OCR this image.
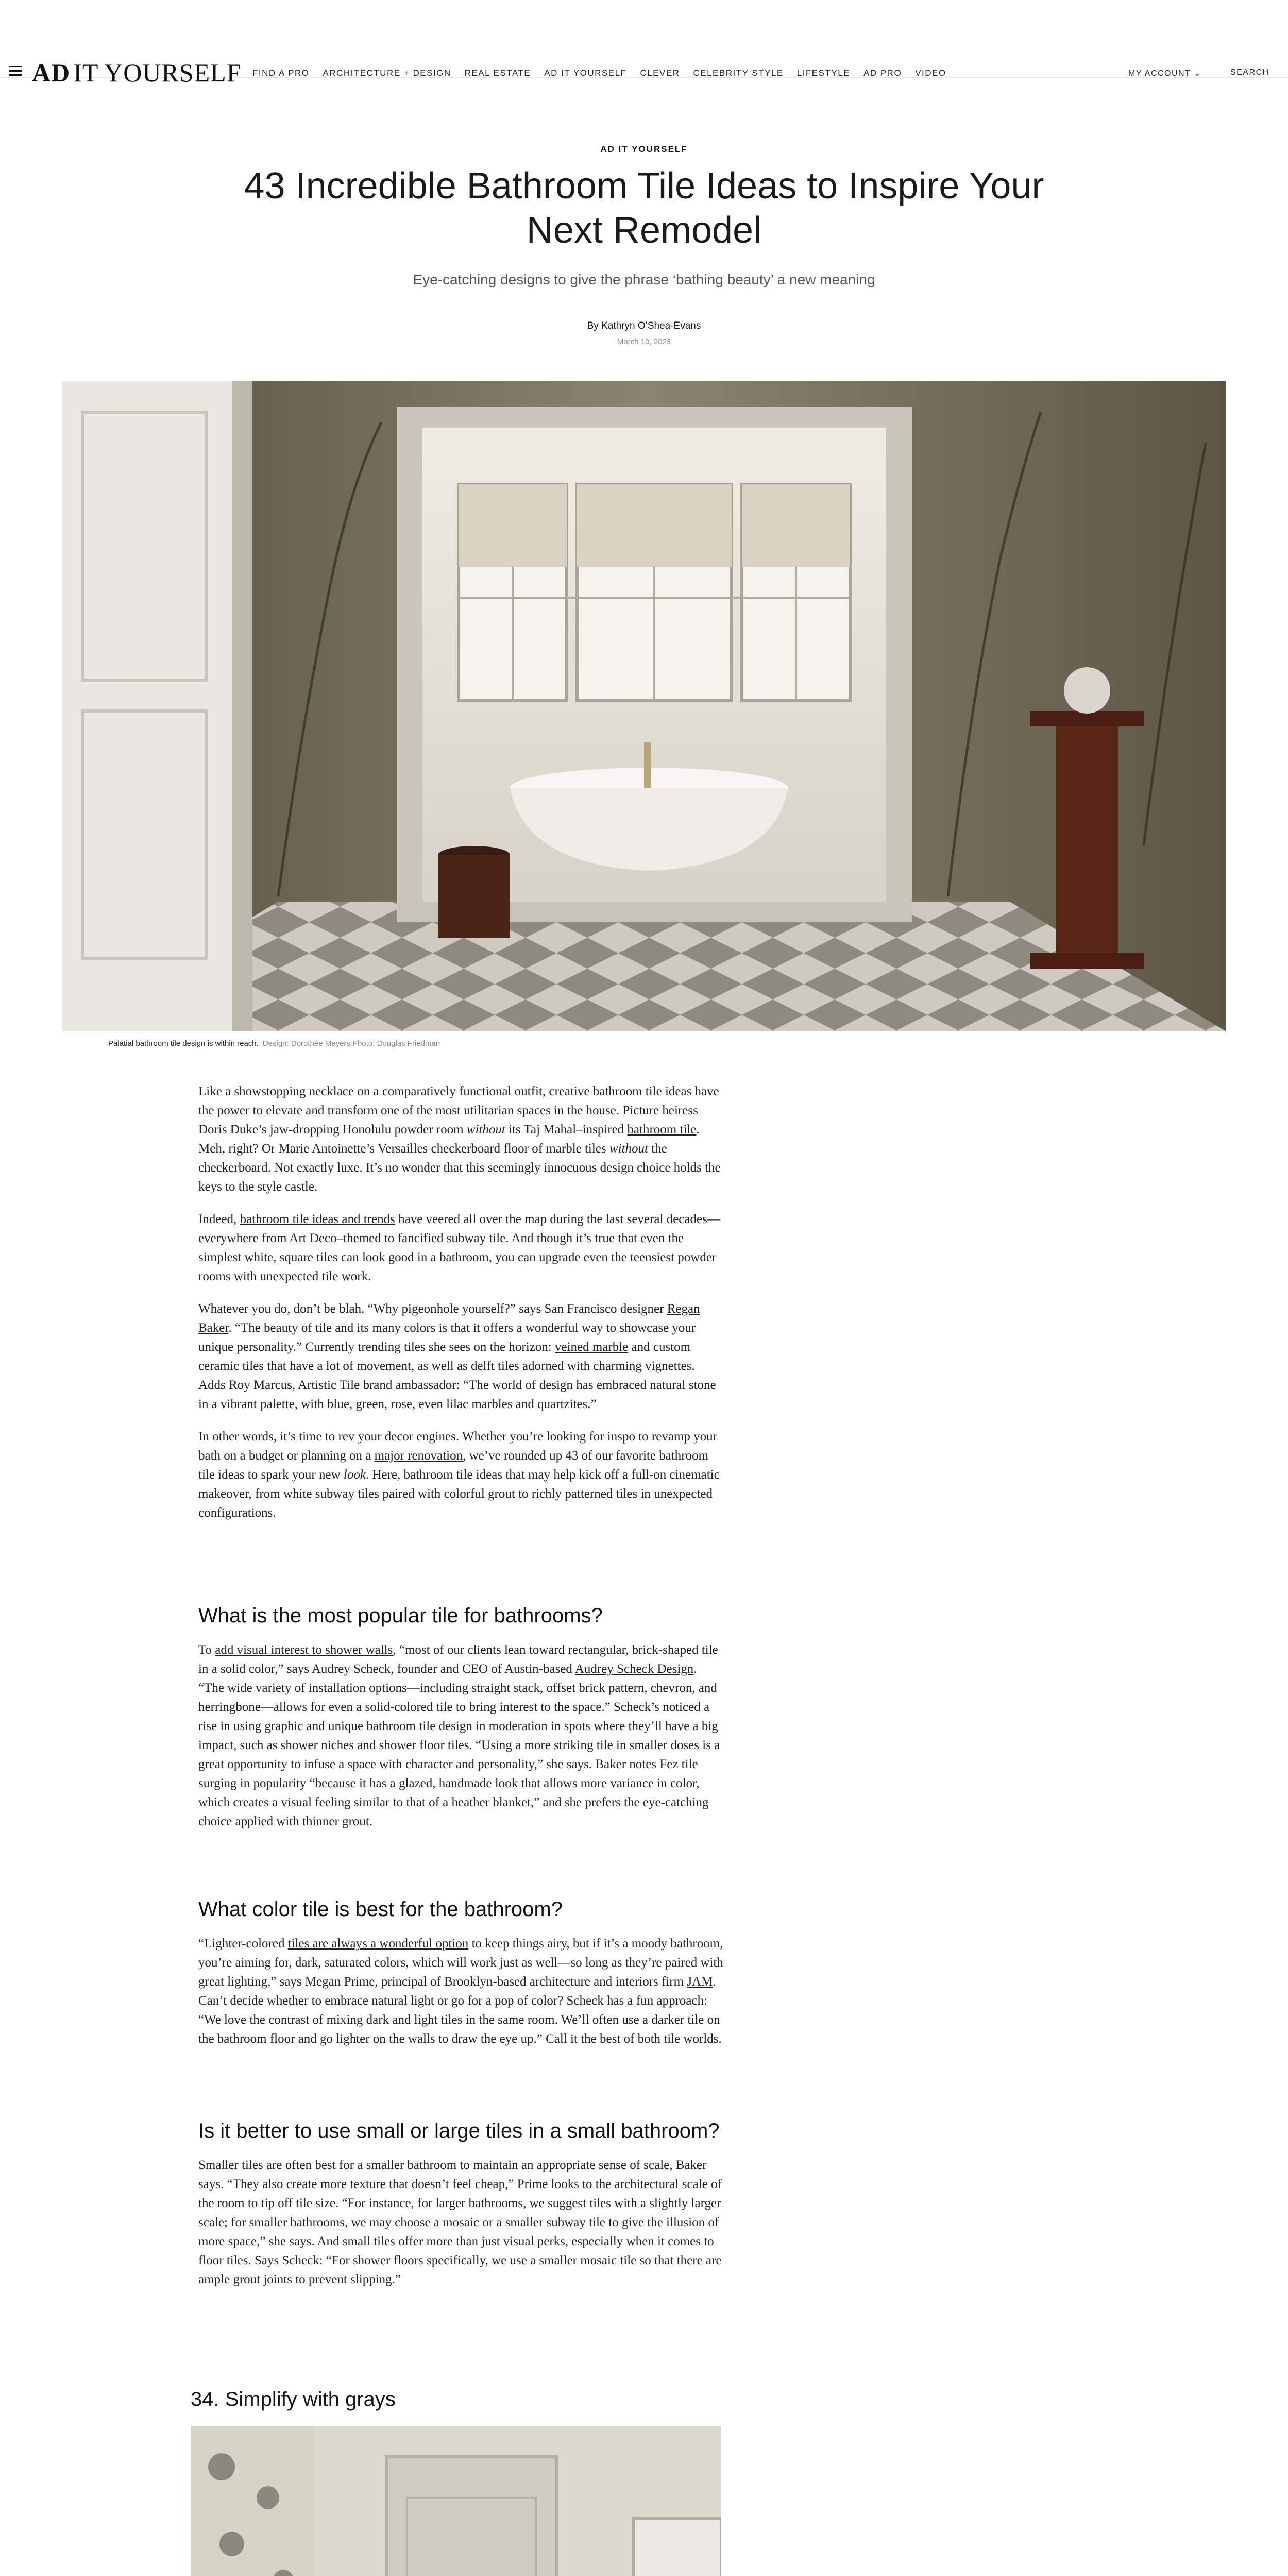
AD IT YOURSELF FIND A PRO ARCHITECTURE + DESIGN REAL ESTATE AD IT YOURSELF CLEVER CELEBRITY STYLE LIFESTYLE AD PRO VIDEO	MY ACCOUNT ⌄	SEARCH
AD IT YOURSELF
43 Incredible Bathroom Tile Ideas to Inspire Your Next Remodel
Eye-catching designs to give the phrase ‘bathing beauty’ a new meaning
By Kathryn O’Shea-Evans
March 10, 2023
Palatial bathroom tile design is within reach. Design: Dorothée Meyers Photo: Douglas Friedman

Like a showstopping necklace on a comparatively functional outfit, creative bathroom tile ideas have the power to elevate and transform one of the most utilitarian spaces in the house. Picture heiress Doris Duke’s jaw-dropping Honolulu powder room without its Taj Mahal–inspired bathroom tile. Meh, right? Or Marie Antoinette’s Versailles checkerboard floor of marble tiles without the checkerboard. Not exactly luxe. It’s no wonder that this seemingly innocuous design choice holds the keys to the style castle.

Indeed, bathroom tile ideas and trends have veered all over the map during the last several decades—everywhere from Art Deco–themed to fancified subway tile. And though it’s true that even the simplest white, square tiles can look good in a bathroom, you can upgrade even the teensiest powder rooms with unexpected tile work.

Whatever you do, don’t be blah. “Why pigeonhole yourself?” says San Francisco designer Regan Baker. “The beauty of tile and its many colors is that it offers a wonderful way to showcase your unique personality.” Currently trending tiles she sees on the horizon: veined marble and custom ceramic tiles that have a lot of movement, as well as delft tiles adorned with charming vignettes. Adds Roy Marcus, Artistic Tile brand ambassador: “The world of design has embraced natural stone in a vibrant palette, with blue, green, rose, even lilac marbles and quartzites.”

In other words, it’s time to rev your decor engines. Whether you’re looking for inspo to revamp your bath on a budget or planning on a major renovation, we’ve rounded up 43 of our favorite bathroom tile ideas to spark your new look. Here, bathroom tile ideas that may help kick off a full-on cinematic makeover, from white subway tiles paired with colorful grout to richly patterned tiles in unexpected configurations.

What is the most popular tile for bathrooms?

To add visual interest to shower walls, “most of our clients lean toward rectangular, brick-shaped tile in a solid color,” says Audrey Scheck, founder and CEO of Austin-based Audrey Scheck Design. “The wide variety of installation options—including straight stack, offset brick pattern, chevron, and herringbone—allows for even a solid-colored tile to bring interest to the space.” Scheck’s noticed a rise in using graphic and unique bathroom tile design in moderation in spots where they’ll have a big impact, such as shower niches and shower floor tiles. “Using a more striking tile in smaller doses is a great opportunity to infuse a space with character and personality,” she says. Baker notes Fez tile surging in popularity “because it has a glazed, handmade look that allows more variance in color, which creates a visual feeling similar to that of a heather blanket,” and she prefers the eye-catching choice applied with thinner grout.

What color tile is best for the bathroom?

“Lighter-colored tiles are always a wonderful option to keep things airy, but if it’s a moody bathroom, you’re aiming for, dark, saturated colors, which will work just as well—so long as they’re paired with great lighting,” says Megan Prime, principal of Brooklyn-based architecture and interiors firm JAM. Can’t decide whether to embrace natural light or go for a pop of color? Scheck has a fun approach: “We love the contrast of mixing dark and light tiles in the same room. We’ll often use a darker tile on the bathroom floor and go lighter on the walls to draw the eye up.” Call it the best of both tile worlds.

Is it better to use small or large tiles in a small bathroom?

Smaller tiles are often best for a smaller bathroom to maintain an appropriate sense of scale, Baker says. “They also create more texture that doesn’t feel cheap,” Prime looks to the architectural scale of the room to tip off tile size. “For instance, for larger bathrooms, we suggest tiles with a slightly larger scale; for smaller bathrooms, we may choose a mosaic or a smaller subway tile to give the illusion of more space,” she says. And small tiles offer more than just visual perks, especially when it comes to floor tiles. Says Scheck: “For shower floors specifically, we use a smaller mosaic tile so that there are ample grout joints to prevent slipping.”

34. Simplify with grays
